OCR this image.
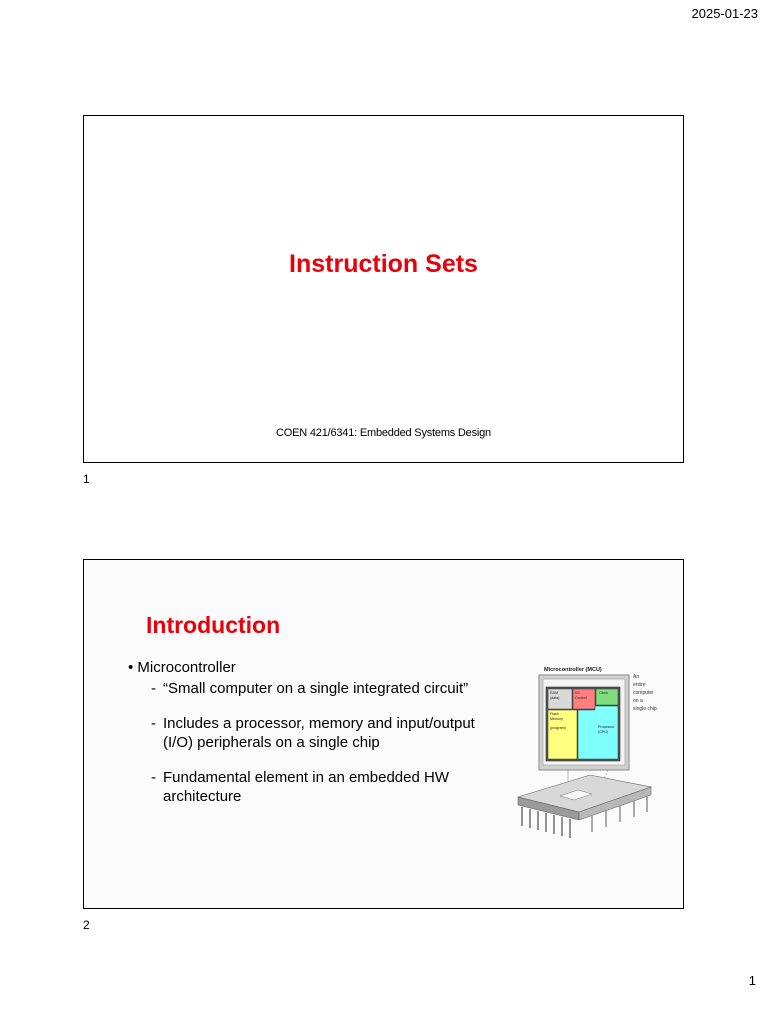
2025-01-23
Instruction Sets
COEN 421/6341: Embedded Systems Design
1
Introduction
• Microcontroller
- “Small computer on a single integrated circuit”
- Includes a processor, memory and input/output (I/O) peripherals on a single chip
- Fundamental element in an embedded HW architecture
Microcontroller (MCU)
An
entire
computer
on a
single chip.
RAM
(data)
I/O
Control
Clock
Flash
Memory
(program)	Processor
(CPU)
2
1
